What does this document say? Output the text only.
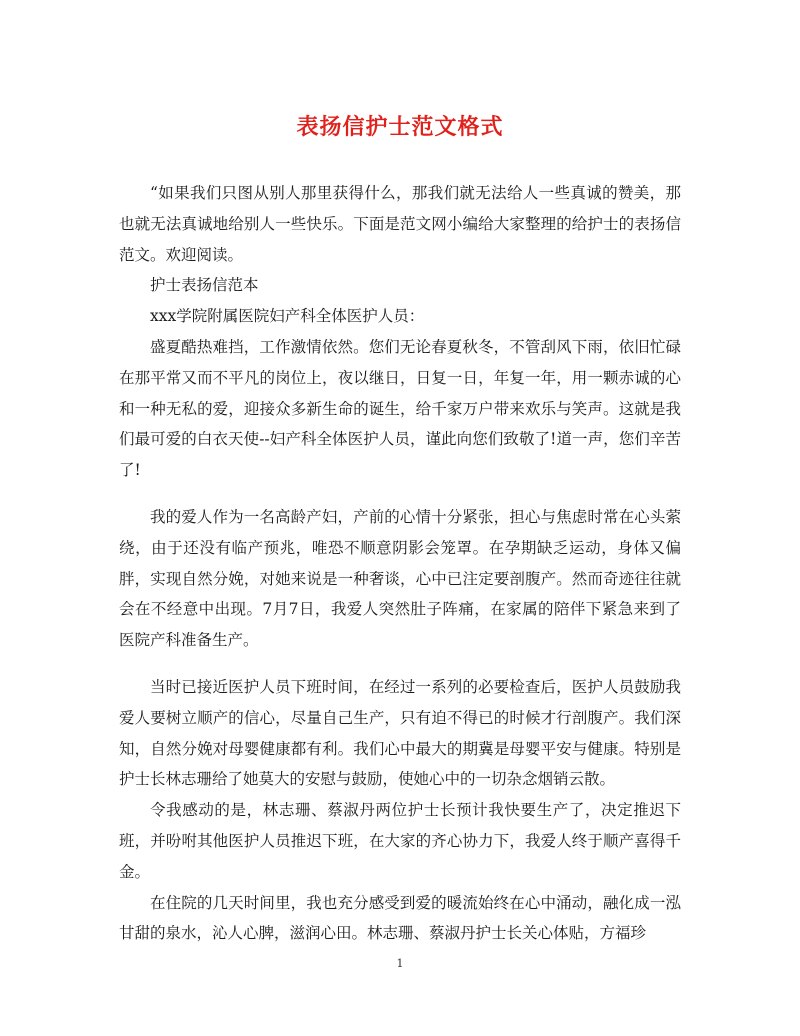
表扬信护士范文格式

“如果我们只图从别人那里获得什么，那我们就无法给人一些真诚的赞美，那也就无法真诚地给别人一些快乐。下面是范文网小编给大家整理的给护士的表扬信范文。欢迎阅读。

护士表扬信范本

xxx学院附属医院妇产科全体医护人员：

盛夏酷热难挡，工作激情依然。您们无论春夏秋冬，不管刮风下雨，依旧忙碌在那平常又而不平凡的岗位上，夜以继日，日复一日，年复一年，用一颗赤诚的心和一种无私的爱，迎接众多新生命的诞生，给千家万户带来欢乐与笑声。这就是我们最可爱的白衣天使--妇产科全体医护人员，谨此向您们致敬了!道一声，您们辛苦了!

我的爱人作为一名高龄产妇，产前的心情十分紧张，担心与焦虑时常在心头萦绕，由于还没有临产预兆，唯恐不顺意阴影会笼罩。在孕期缺乏运动，身体又偏胖，实现自然分娩，对她来说是一种奢谈，心中已注定要剖腹产。然而奇迹往往就会在不经意中出现。7月7日，我爱人突然肚子阵痛，在家属的陪伴下紧急来到了医院产科准备生产。

当时已接近医护人员下班时间，在经过一系列的必要检查后，医护人员鼓励我爱人要树立顺产的信心，尽量自己生产，只有迫不得已的时候才行剖腹产。我们深知，自然分娩对母婴健康都有利。我们心中最大的期冀是母婴平安与健康。特别是护士长林志珊给了她莫大的安慰与鼓励，使她心中的一切杂念烟销云散。

令我感动的是，林志珊、蔡淑丹两位护士长预计我快要生产了，决定推迟下班，并吩咐其他医护人员推迟下班，在大家的齐心协力下，我爱人终于顺产喜得千金。

在住院的几天时间里，我也充分感受到爱的暖流始终在心中涌动，融化成一泓甘甜的泉水，沁人心脾，滋润心田。林志珊、蔡淑丹护士长关心体贴，方福珍

1
